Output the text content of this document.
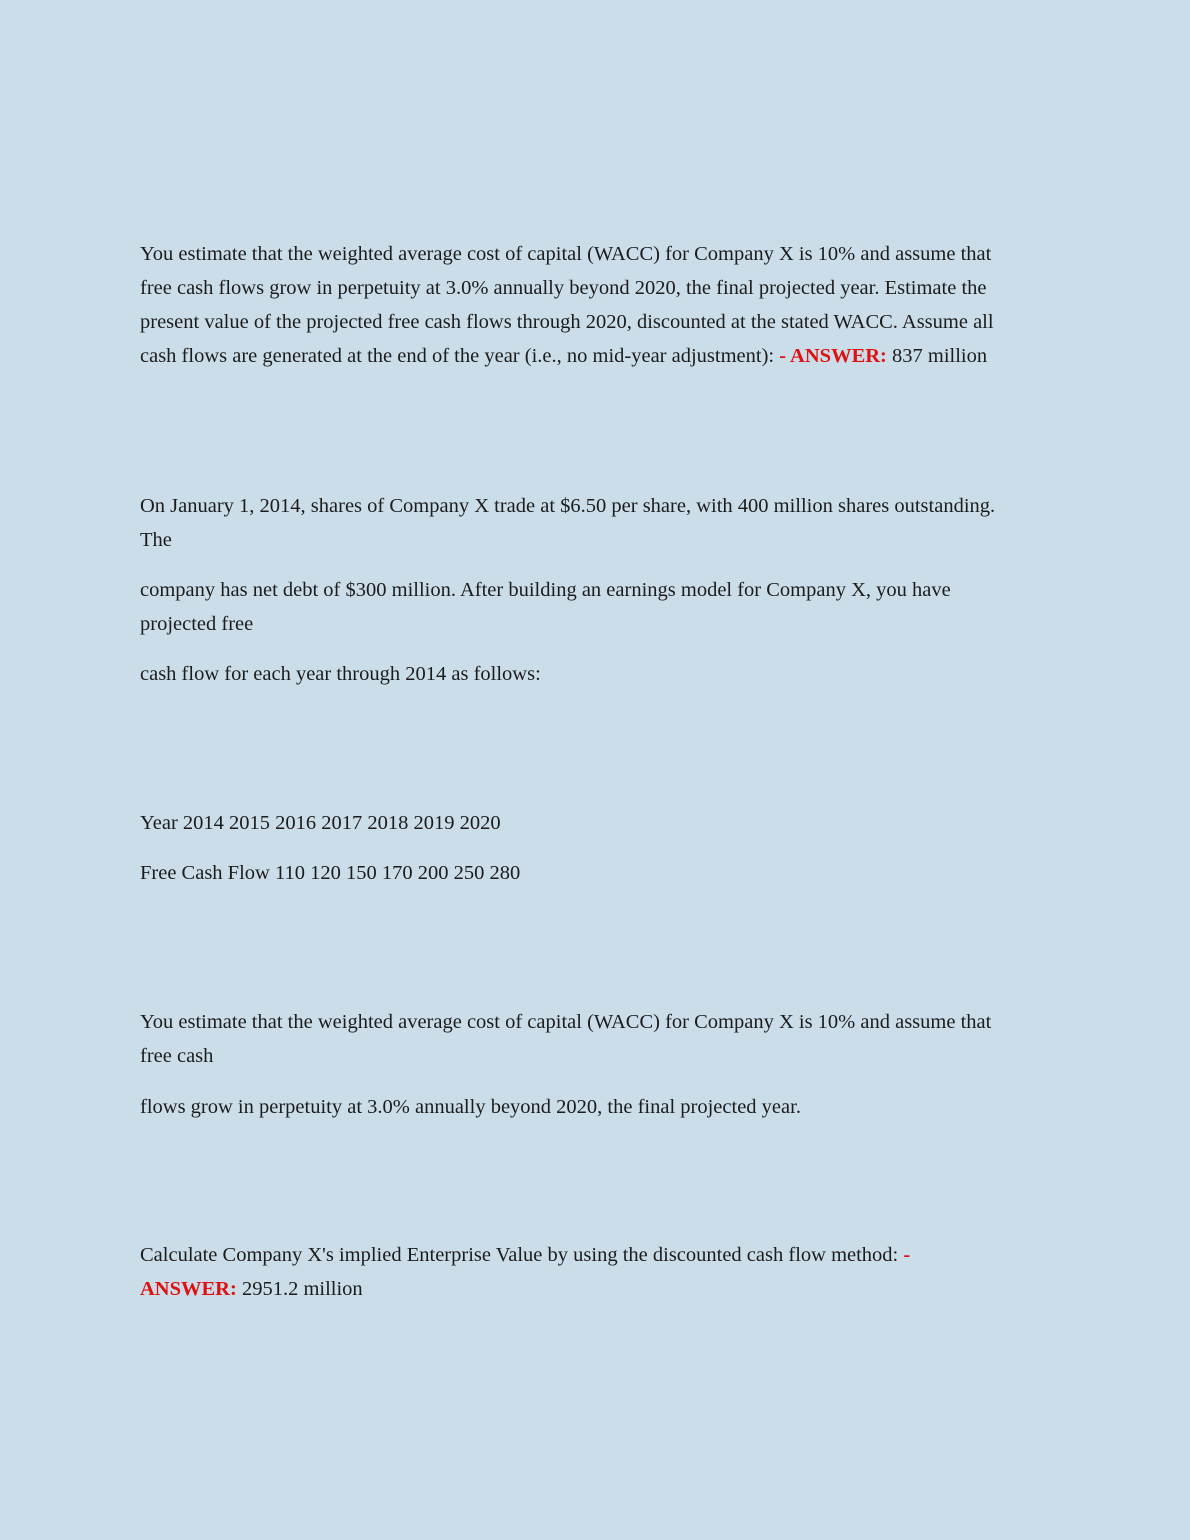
You estimate that the weighted average cost of capital (WACC) for Company X is 10% and assume that
free cash flows grow in perpetuity at 3.0% annually beyond 2020, the final projected year. Estimate the
present value of the projected free cash flows through 2020, discounted at the stated WACC. Assume all
cash flows are generated at the end of the year (i.e., no mid-year adjustment): - ANSWER: 837 million
On January 1, 2014, shares of Company X trade at $6.50 per share, with 400 million shares outstanding.
The
company has net debt of $300 million. After building an earnings model for Company X, you have
projected free
cash flow for each year through 2014 as follows:
Year 2014 2015 2016 2017 2018 2019 2020
Free Cash Flow 110 120 150 170 200 250 280
You estimate that the weighted average cost of capital (WACC) for Company X is 10% and assume that
free cash
flows grow in perpetuity at 3.0% annually beyond 2020, the final projected year.
Calculate Company X's implied Enterprise Value by using the discounted cash flow method: -
ANSWER: 2951.2 million
